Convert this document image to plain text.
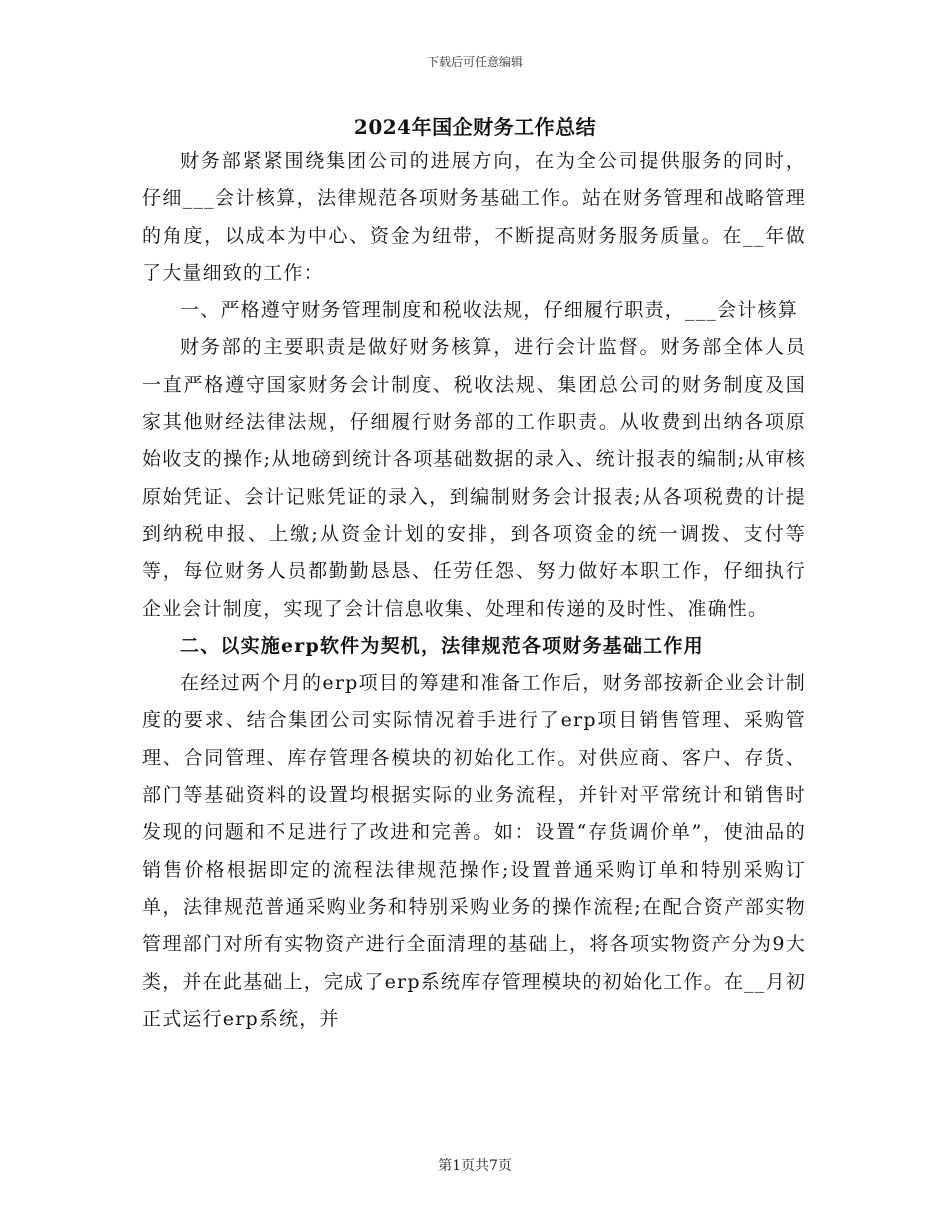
下载后可任意编辑
2024年国企财务工作总结

财务部紧紧围绕集团公司的进展方向，在为全公司提供服务的同时，仔细___会计核算，法律规范各项财务基础工作。站在财务管理和战略管理的角度，以成本为中心、资金为纽带，不断提高财务服务质量。在__年做了大量细致的工作：

一、严格遵守财务管理制度和税收法规，仔细履行职责，___会计核算

财务部的主要职责是做好财务核算，进行会计监督。财务部全体人员一直严格遵守国家财务会计制度、税收法规、集团总公司的财务制度及国家其他财经法律法规，仔细履行财务部的工作职责。从收费到出纳各项原始收支的操作;从地磅到统计各项基础数据的录入、统计报表的编制;从审核原始凭证、会计记账凭证的录入，到编制财务会计报表;从各项税费的计提到纳税申报、上缴;从资金计划的安排，到各项资金的统一调拨、支付等等，每位财务人员都勤勤恳恳、任劳任怨、努力做好本职工作，仔细执行企业会计制度，实现了会计信息收集、处理和传递的及时性、准确性。

二、以实施erp软件为契机，法律规范各项财务基础工作用

在经过两个月的erp项目的筹建和准备工作后，财务部按新企业会计制度的要求、结合集团公司实际情况着手进行了erp项目销售管理、采购管理、合同管理、库存管理各模块的初始化工作。对供应商、客户、存货、部门等基础资料的设置均根据实际的业务流程，并针对平常统计和销售时发现的问题和不足进行了改进和完善。如：设置“存货调价单”，使油品的销售价格根据即定的流程法律规范操作;设置普通采购订单和特别采购订单，法律规范普通采购业务和特别采购业务的操作流程;在配合资产部实物管理部门对所有实物资产进行全面清理的基础上，将各项实物资产分为9大类，并在此基础上，完成了erp系统库存管理模块的初始化工作。在__月初正式运行erp系统，并

第1页共7页
